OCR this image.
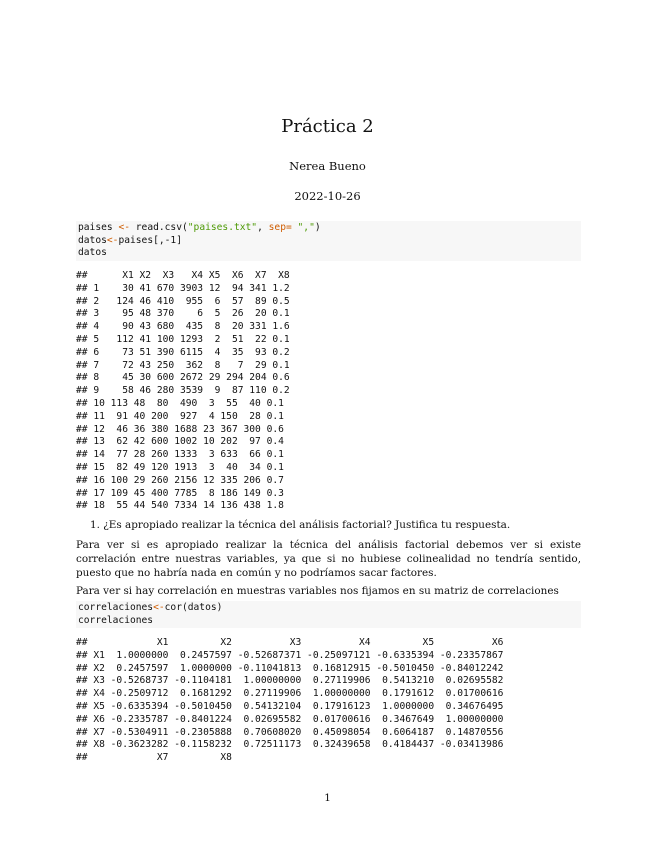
Práctica 2
Nerea Bueno
2022-10-26
paises <- read.csv("paises.txt", sep= ",")
datos<-paises[,-1]
datos
##      X1 X2  X3   X4 X5  X6  X7  X8
## 1    30 41 670 3903 12  94 341 1.2
## 2   124 46 410  955  6  57  89 0.5
## 3    95 48 370    6  5  26  20 0.1
## 4    90 43 680  435  8  20 331 1.6
## 5   112 41 100 1293  2  51  22 0.1
## 6    73 51 390 6115  4  35  93 0.2
## 7    72 43 250  362  8   7  29 0.1
## 8    45 30 600 2672 29 294 204 0.6
## 9    58 46 280 3539  9  87 110 0.2
## 10 113 48  80  490  3  55  40 0.1
## 11  91 40 200  927  4 150  28 0.1
## 12  46 36 380 1688 23 367 300 0.6
## 13  62 42 600 1002 10 202  97 0.4
## 14  77 28 260 1333  3 633  66 0.1
## 15  82 49 120 1913  3  40  34 0.1
## 16 100 29 260 2156 12 335 206 0.7
## 17 109 45 400 7785  8 186 149 0.3
## 18  55 44 540 7334 14 136 438 1.8
1. ¿Es apropiado realizar la técnica del análisis factorial? Justifica tu respuesta.
Para ver si es apropiado realizar la técnica del análisis factorial debemos ver si existe correlación entre nuestras variables, ya que si no hubiese colinealidad no tendría sentido, puesto que no habría nada en común y no podríamos sacar factores.
Para ver si hay correlación en muestras variables nos fijamos en su matriz de correlaciones
correlaciones<-cor(datos)
correlaciones
##            X1         X2          X3          X4         X5          X6
## X1  1.0000000  0.2457597 -0.52687371 -0.25097121 -0.6335394 -0.23357867
## X2  0.2457597  1.0000000 -0.11041813  0.16812915 -0.5010450 -0.84012242
## X3 -0.5268737 -0.1104181  1.00000000  0.27119906  0.5413210  0.02695582
## X4 -0.2509712  0.1681292  0.27119906  1.00000000  0.1791612  0.01700616
## X5 -0.6335394 -0.5010450  0.54132104  0.17916123  1.0000000  0.34676495
## X6 -0.2335787 -0.8401224  0.02695582  0.01700616  0.3467649  1.00000000
## X7 -0.5304911 -0.2305888  0.70608020  0.45098054  0.6064187  0.14870556
## X8 -0.3623282 -0.1158232  0.72511173  0.32439658  0.4184437 -0.03413986
##            X7         X8
1
